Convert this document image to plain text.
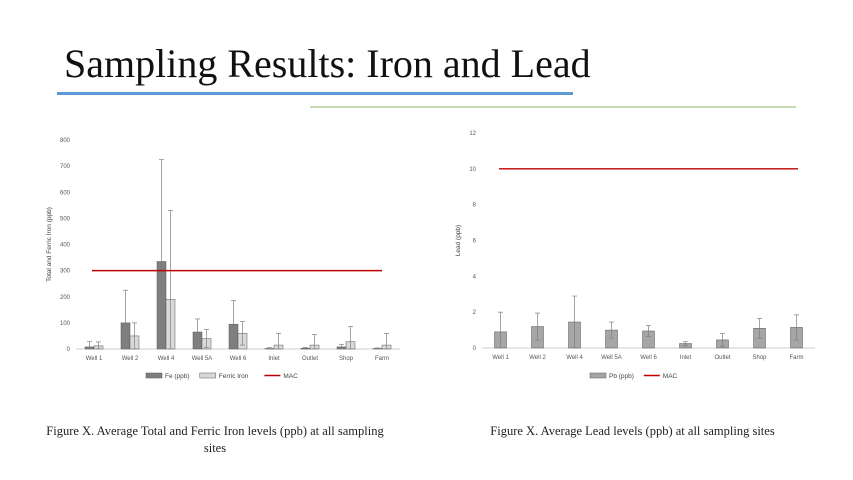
Sampling Results: Iron and Lead
0
100
200
300
400
500
600
700
800
Total and Ferric Iron (ppb)
Well 1	Well 2	Well 4	Well 5A	Well 6	Inlet	Outlet	Shop	Farm
Fe (ppb)	Ferric Iron	MAC
0
2
4
6
8
10
12
Lead (ppb)
Well 1	Well 2	Well 4	Well 5A	Well 6	Inlet	Outlet	Shop	Farm
Pb (ppb)	MAC
Figure X. Average Total and Ferric Iron levels (ppb) at all sampling sites
Figure X. Average Lead levels (ppb) at all sampling sites
